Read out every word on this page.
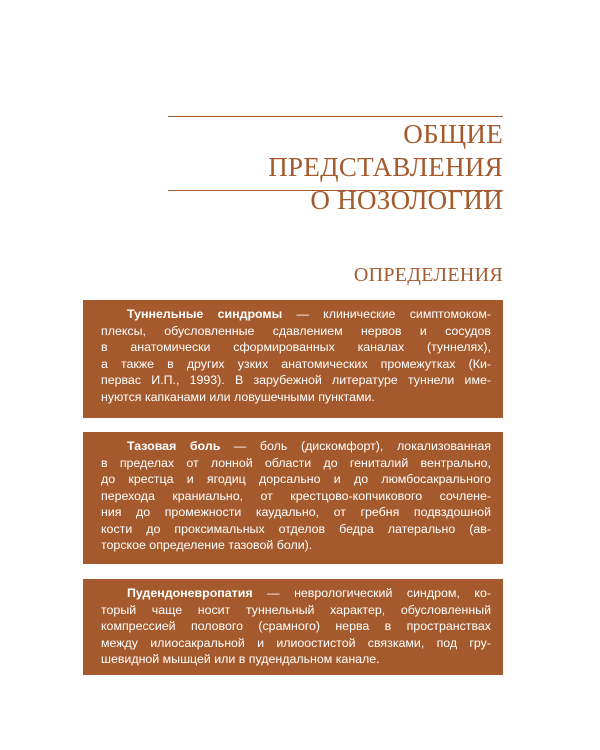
ОБЩИЕ ПРЕДСТАВЛЕНИЯ
О НОЗОЛОГИИ
ОПРЕДЕЛЕНИЯ
Туннельные синдромы — клинические симптомоком-
плексы, обусловленные сдавлением нервов и сосудов
в анатомически сформированных каналах (туннелях),
а также в других узких анатомических промежутках (Ки-
первас И.П., 1993). В зарубежной литературе туннели име-
нуются капканами или ловушечными пунктами.
Тазовая боль — боль (дискомфорт), локализованная
в пределах от лонной области до гениталий вентрально,
до крестца и ягодиц дорсально и до люмбосакрального
перехода краниально, от крестцово-копчикового сочлене-
ния до промежности каудально, от гребня подвздошной
кости до проксимальных отделов бедра латерально (ав-
торское определение тазовой боли).
Пудендоневропатия — неврологический синдром, ко-
торый чаще носит туннельный характер, обусловленный
компрессией полового (срамного) нерва в пространствах
между илиосакральной и илиоостистой связками, под гру-
шевидной мышцей или в пудендальном канале.
